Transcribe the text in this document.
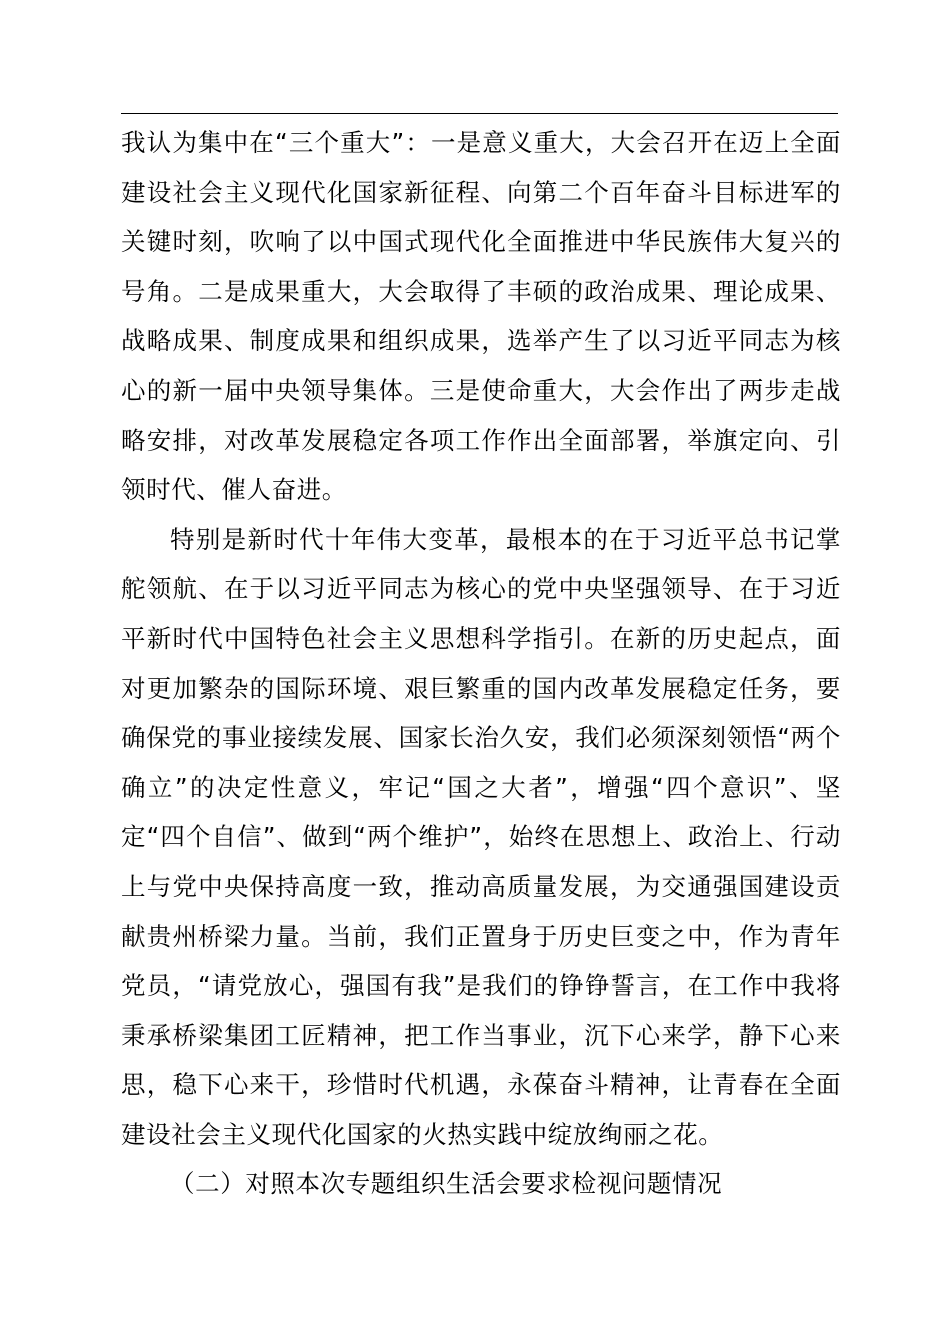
我认为集中在“三个重大”：一是意义重大，大会召开在迈上全面建设社会主义现代化国家新征程、向第二个百年奋斗目标进军的关键时刻，吹响了以中国式现代化全面推进中华民族伟大复兴的号角。二是成果重大，大会取得了丰硕的政治成果、理论成果、战略成果、制度成果和组织成果，选举产生了以习近平同志为核心的新一届中央领导集体。三是使命重大，大会作出了两步走战略安排，对改革发展稳定各项工作作出全面部署，举旗定向、引领时代、催人奋进。

特别是新时代十年伟大变革，最根本的在于习近平总书记掌舵领航、在于以习近平同志为核心的党中央坚强领导、在于习近平新时代中国特色社会主义思想科学指引。在新的历史起点，面对更加繁杂的国际环境、艰巨繁重的国内改革发展稳定任务，要确保党的事业接续发展、国家长治久安，我们必须深刻领悟“两个确立”的决定性意义，牢记“国之大者”，增强“四个意识”、坚定“四个自信”、做到“两个维护”，始终在思想上、政治上、行动上与党中央保持高度一致，推动高质量发展，为交通强国建设贡献贵州桥梁力量。当前，我们正置身于历史巨变之中，作为青年党员，“请党放心，强国有我”是我们的铮铮誓言，在工作中我将秉承桥梁集团工匠精神，把工作当事业，沉下心来学，静下心来思，稳下心来干，珍惜时代机遇，永葆奋斗精神，让青春在全面建设社会主义现代化国家的火热实践中绽放绚丽之花。

（二）对照本次专题组织生活会要求检视问题情况
